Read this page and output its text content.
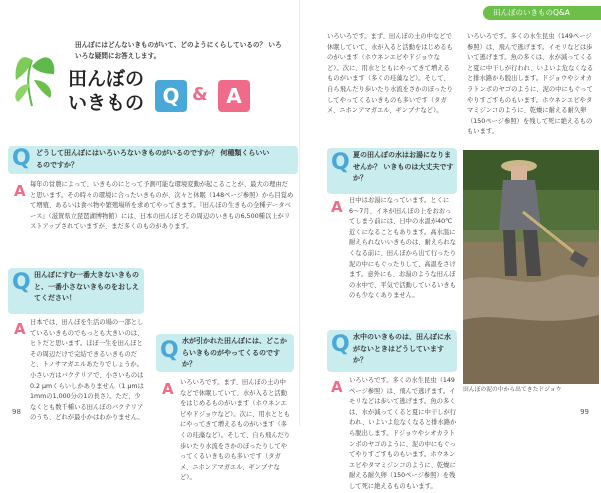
田んぼにはどんないきものがいて、どのようにくらしているの？ いろいろな疑問にお答えします。
田んぼの
いきもの Q & A
Q どうして田んぼにはいろいろないきものがいるのですか？ 何種類くらいいるのですか？
A 毎年の営農によって、いきものにとって予測可能な環境変動が起こることが、最大の理由だと思います。その時々の環境に合ったいきものが、次々と休眠（148ページ参照）から目覚めて増殖、あるいは食べ物や繁殖場所を求めてやってきます。『田んぼの生きもの全種データベース』（滋賀県立琵琶湖博物館）には、日本の田んぼとその周辺のいきもの6,500種以上がリストアップされていますが、まだ多くのものがあります。
Q 田んぼにすむ一番大きないきものと、一番小さないきものをおしえてください！
A 日本では、田んぼを生活の場の一部としているいきものでもっとも大きいのは、ヒトだと思います。ほぼ一生を田んぼとその周辺だけで完結できるいきものだと、トノサマガエルあたりでしょうか。小さい方はバクテリアで、小さいものは0.2 μmくらいしかありません（1 μmは1mmの1,000分の1の長さ）。ただ、少なくとも数千種いる田んぼのバクテリアのうち、どれが最小かはわかりません。
Q 水が引かれた田んぼには、どこからいきものがやってくるのですか？
A いろいろです。まず、田んぼの土の中などで休眠していて、水が入ると活動をはじめるものがいます（ホウネンエビやドジョウなど）。次に、用水とともにやってきて増えるものがいます（多くの珪藻など）。そして、自ら飛んだり歩いたり水流をさかのぼったりしてやってくるいきものも多いです（タガメ、ニホンアマガエル、ギンブナなど）。
98
田んぼのいきものQ&A
いろいろです。まず、田んぼの土の中などで休眠していて、水が入ると活動をはじめるものがいます（ホウネンエビやドジョウなど）。次に、用水とともにやってきて増えるものがいます（多くの珪藻など）。そして、自ら飛んだり歩いたり水流をさかのぼったりしてやってくるいきものも多いです（タガメ、ニホンアマガエル、ギンブナなど）。
いろいろです。多くの水生昆虫（149ページ参照）は、飛んで逃げます。イモリなどは歩いて逃げます。魚の多くは、水が減ってくると夏に中干しが行われ、いよいよ危なくなると排水路から脱出します。ドジョウやシオカラトンボのヤゴのように、泥の中にもぐってやりすごすものもいます。ホウネンエビやタマミジンコのように、乾燥に耐える耐久卵（150ページ参照）を残して死に絶えるものもいます。
Q 夏の田んぼの水はお湯になりませんか？ いきものは大丈夫ですか？
A 日中はお湯になっています。とくに6〜7月、イネが田んぼの上をおおってしまう前には、日中の水温が40℃近くになることもあります。高水温に耐えられないいきものは、耐えられなくなる前に、田んぼから出て行ったり泥の中にもぐったりして、高温をさけます。意外にも、お湯のような田んぼの水中で、平気で活動しているいきものも少なくありません。
Q 水中のいきものは、田んぼに水がないときはどうしていますか？
A いろいろです。多くの水生昆虫（149ページ参照）は、飛んで逃げます。イモリなどは歩いて逃げます。魚の多くは、水が減ってくると夏に中干しが行われ、いよいよ危なくなると排水路から脱出します。ドジョウやシオカラトンボのヤゴのように、泥の中にもぐってやりすごすものもいます。ホウネンエビやタマミジンコのように、乾燥に耐える耐久卵（150ページ参照）を残して死に絶えるものもいます。
田んぼの泥の中から出てきたドジョウ
99
